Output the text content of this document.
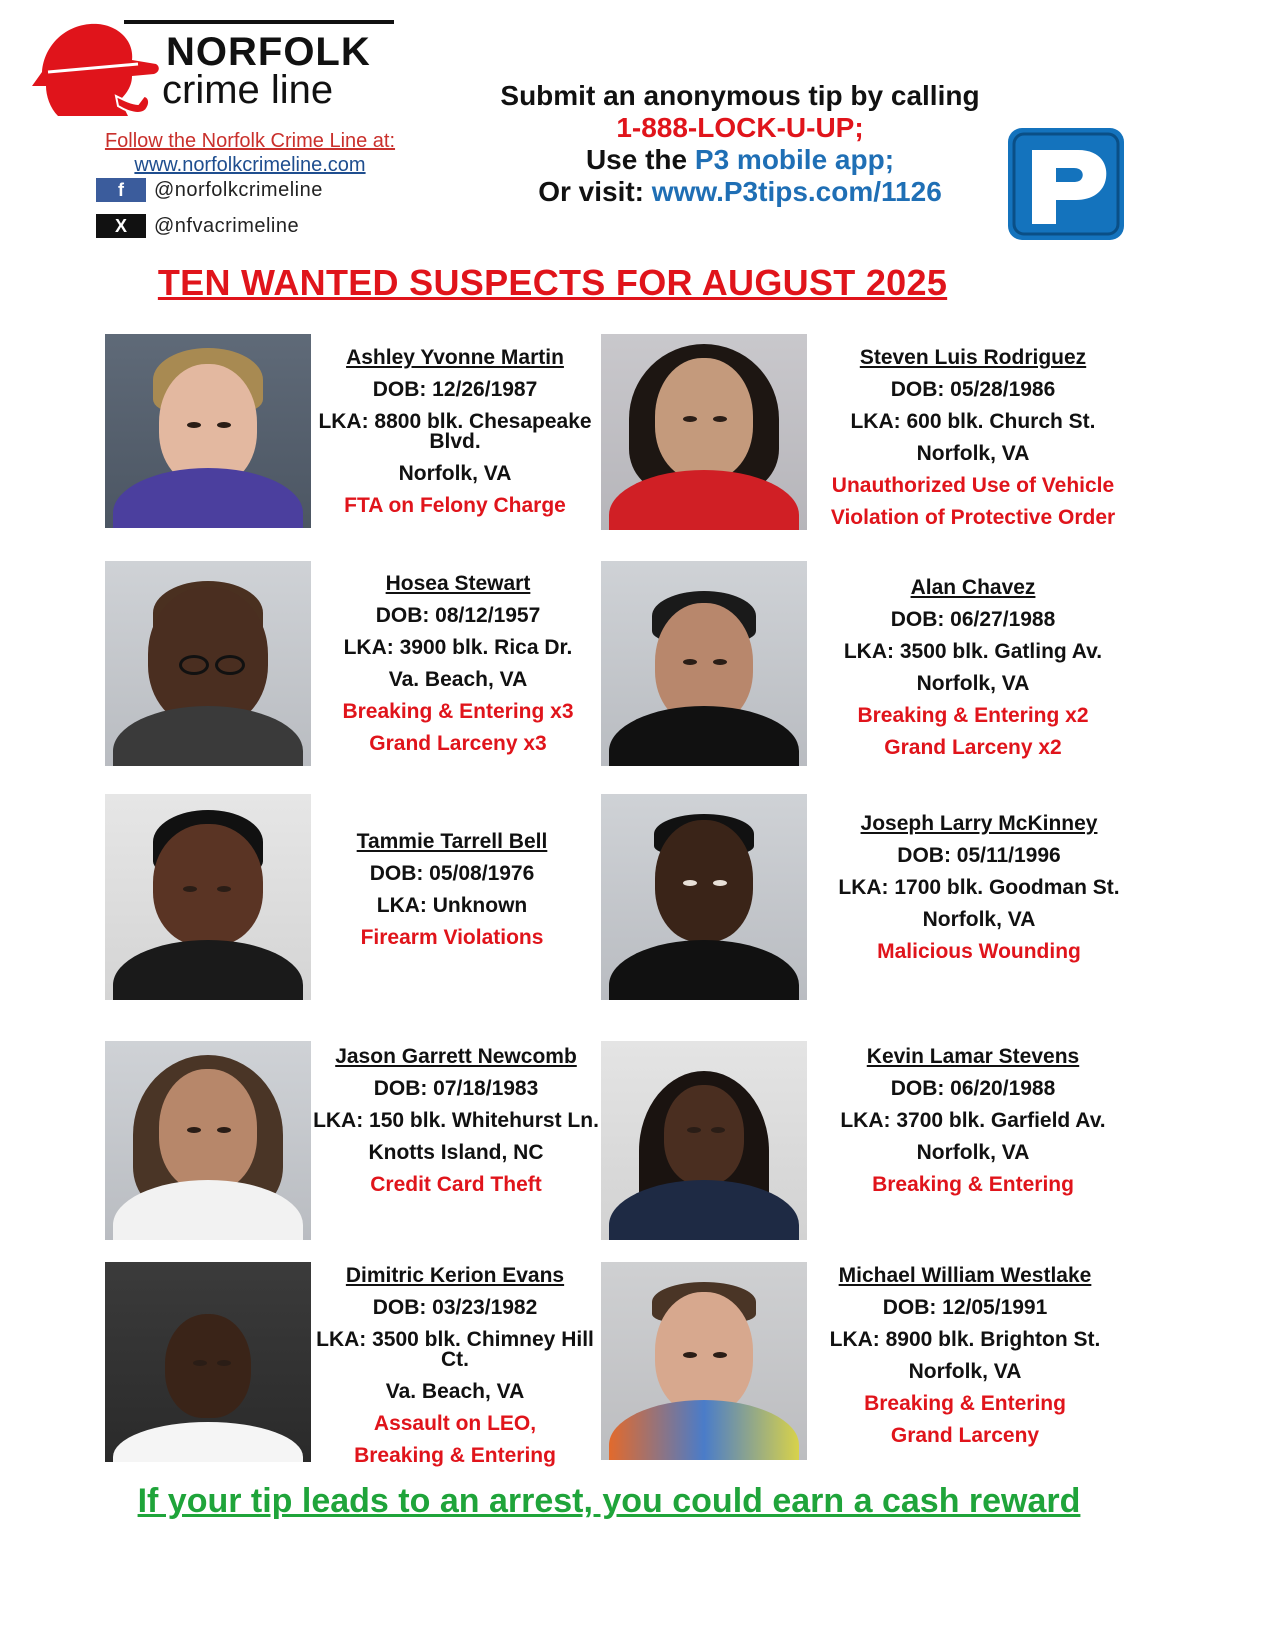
NORFOLK
crime line
Follow the Norfolk Crime Line at:
www.norfolkcrimeline.com
f	@norfolkcrimeline
X	@nfvacrimeline
Submit an anonymous tip by calling
1-888-LOCK-U-UP;
Use the P3 mobile app;
Or visit: www.P3tips.com/1126
TEN WANTED SUSPECTS FOR AUGUST 2025
Ashley Yvonne Martin
DOB: 12/26/1987
LKA: 8800 blk. Chesapeake Blvd.
Norfolk, VA
FTA on Felony Charge
Hosea Stewart
DOB: 08/12/1957
LKA: 3900 blk. Rica Dr.
Va. Beach, VA
Breaking & Entering x3
Grand Larceny x3
Tammie Tarrell Bell
DOB: 05/08/1976
LKA: Unknown
Firearm Violations
Jason Garrett Newcomb
DOB: 07/18/1983
LKA: 150 blk. Whitehurst Ln.
Knotts Island, NC
Credit Card Theft
Dimitric Kerion Evans
DOB: 03/23/1982
LKA: 3500 blk. Chimney Hill Ct.
Va. Beach, VA
Assault on LEO,
Breaking & Entering
Steven Luis Rodriguez
DOB: 05/28/1986
LKA: 600 blk. Church St.
Norfolk, VA
Unauthorized Use of Vehicle
Violation of Protective Order
Alan Chavez
DOB: 06/27/1988
LKA: 3500 blk. Gatling Av.
Norfolk, VA
Breaking & Entering x2
Grand Larceny x2
Joseph Larry McKinney
DOB: 05/11/1996
LKA: 1700 blk. Goodman St.
Norfolk, VA
Malicious Wounding
Kevin Lamar Stevens
DOB: 06/20/1988
LKA: 3700 blk. Garfield Av.
Norfolk, VA
Breaking & Entering
Michael William Westlake
DOB: 12/05/1991
LKA: 8900 blk. Brighton St.
Norfolk, VA
Breaking & Entering
Grand Larceny
If your tip leads to an arrest, you could earn a cash reward
